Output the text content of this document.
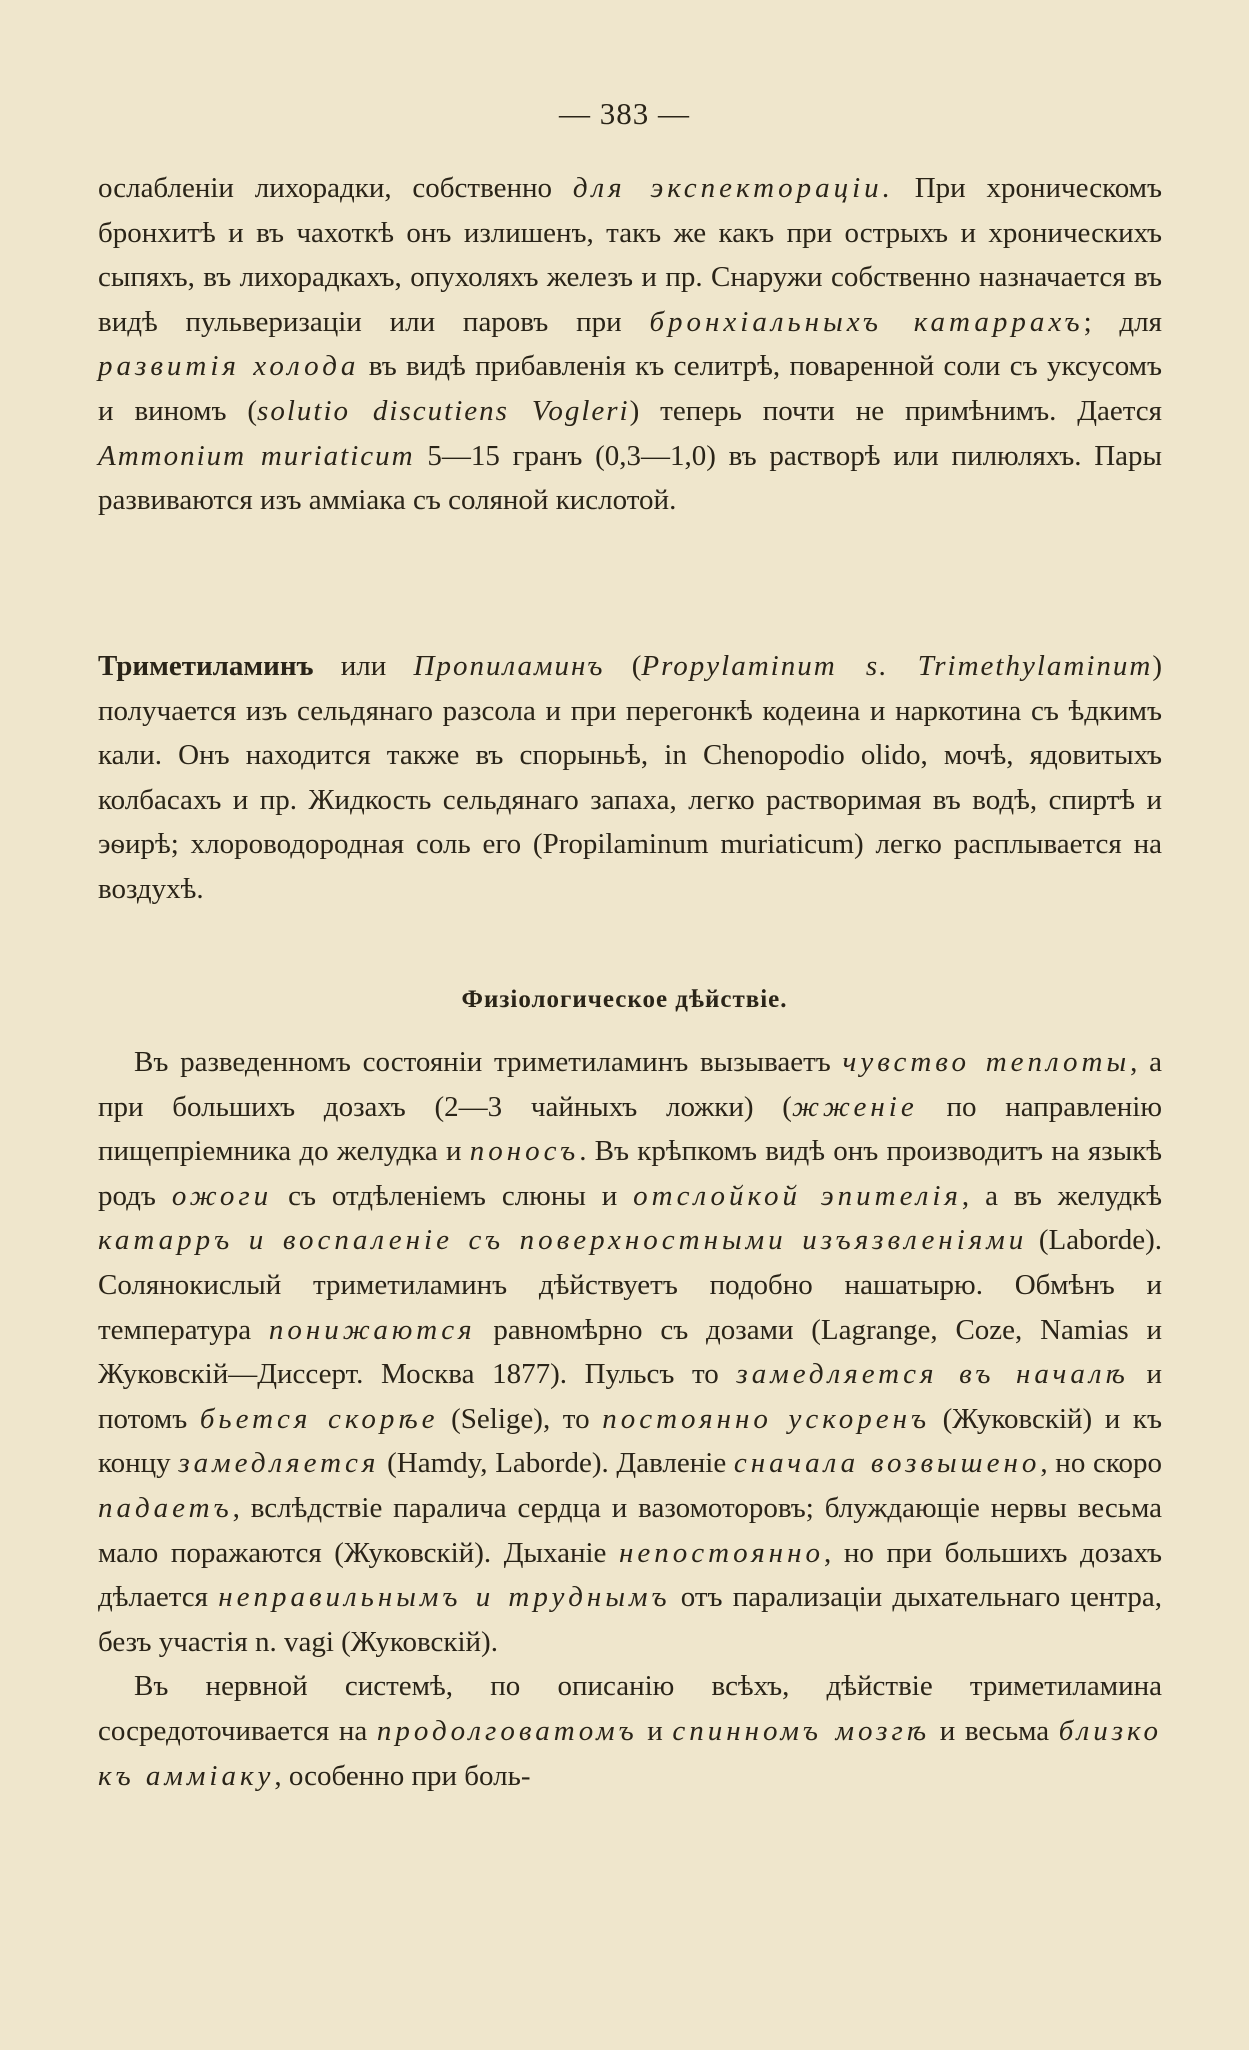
— 383 —

ослабленіи лихорадки, собственно для экспекторацiи. При хроническомъ бронхитѣ и въ чахоткѣ онъ излишенъ, такъ же какъ при острыхъ и хроническихъ сыпяхъ, въ лихорадкахъ, опухоляхъ железъ и пр. Снаружи собственно назначается въ видѣ пульверизацiи или паровъ при бронхiальныхъ катаррахъ; для развитiя холода въ видѣ прибавленiя къ селитрѣ, поваренной соли съ уксусомъ и виномъ (solutio discutiens Vogleri) теперь почти не примѣнимъ. Дается Ammonium muriaticum 5—15 гранъ (0,3—1,0) въ растворѣ или пилюляхъ. Пары развиваются изъ амміака съ соляной кислотой.

Триметиламинъ или Пропиламинъ (Propylaminum s. Trimethylaminum) получается изъ сельдянаго разсола и при перегонкѣ кодеина и наркотина съ ѣдкимъ кали. Онъ находится также въ спорыньѣ, in Chenopodio olido, мочѣ, ядовитыхъ колбасахъ и пр. Жидкость сельдянаго запаха, легко растворимая въ водѣ, спиртѣ и эѳирѣ; хлороводородная соль его (Propilaminum muriaticum) легко расплывается на воздухѣ.

Физiологическое дѣйствіе.

Въ разведенномъ состояніи триметиламинъ вызываетъ чувство теплоты, а при большихъ дозахъ (2—3 чайныхъ ложки) (жженiе по направленiю пищепрiемника до желудка и поносъ. Въ крѣпкомъ видѣ онъ производитъ на языкѣ родъ ожоги съ отдѣленiемъ слюны и отслойкой эпителiя, а въ желудкѣ катарръ и воспаленiе съ поверхностными изъязвленiями (Laborde). Солянокислый триметиламинъ дѣйствуетъ подобно нашатырю. Обмѣнъ и температура понижаются равномѣрно съ дозами (Lagrange, Coze, Namias и Жуковскiй—Диссерт. Москва 1877). Пульсъ то замедляется въ началѣ и потомъ бьется скорѣе (Selige), то постоянно ускоренъ (Жуковскiй) и къ концу замедляется (Hamdy, Laborde). Давленiе сначала возвышено, но скоро падаетъ, вслѣдствiе паралича сердца и вазомоторовъ; блуждающiе нервы весьма мало поражаются (Жуковскiй). Дыханiе непостоянно, но при большихъ дозахъ дѣлается неправильнымъ и труднымъ отъ парализацiи дыхательнаго центра, безъ участiя n. vagi (Жуковскiй).

Въ нервной системѣ, по описанiю всѣхъ, дѣйствiе триметиламина сосредоточивается на продолговатомъ и спинномъ мозгѣ и весьма близко къ амміаку, особенно при боль-
